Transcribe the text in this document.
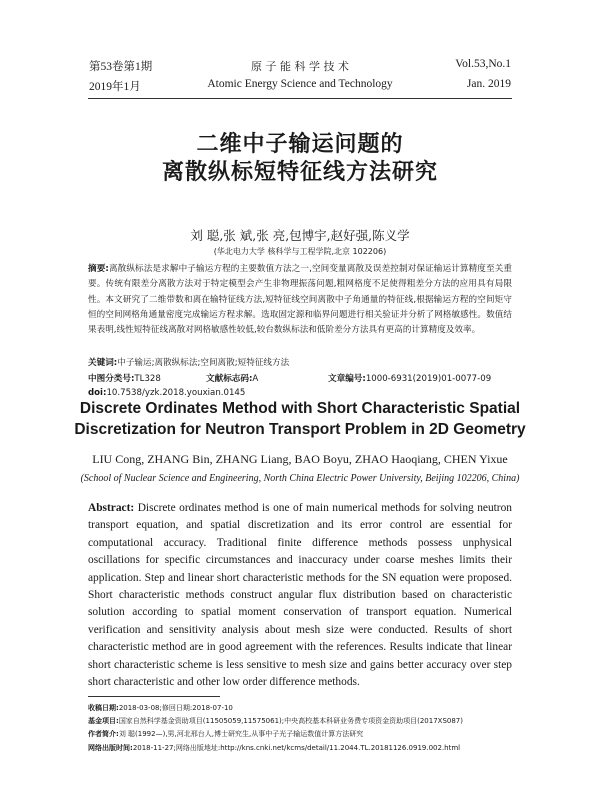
第53卷第1期
2019年1月
原 子 能 科 学 技 术
Atomic Energy Science and Technology
Vol.53,No.1
Jan. 2019
二维中子输运问题的
离散纵标短特征线方法研究
刘 聪,张 斌,张 亮,包博宇,赵好强,陈义学
(华北电力大学 核科学与工程学院,北京 102206)

摘要:离散纵标法是求解中子输运方程的主要数值方法之一,空间变量离散及误差控制对保证输运计算精度至关重要。传统有限差分离散方法对于特定模型会产生非物理振荡问题,粗网格度不足使得粗差分方法的应用具有局限性。本文研究了二维带数和离在输特征线方法,短特征线空间离散中子角通量的特征线,根据输运方程的空间矩守恒的空间网格角通量密度完成输运方程求解。选取固定源和临界问题进行相关验证并分析了网格敏感性。数值结果表明,线性短特征线离散对网格敏感性较低,较台数纵标法和低阶差分方法具有更高的计算精度及效率。

关键词:中子输运;离散纵标法;空间离散;短特征线方法
中图分类号:TL328	文献标志码:A	文章编号:1000-6931(2019)01-0077-09
doi:10.7538/yzk.2018.youxian.0145
Discrete Ordinates Method with Short Characteristic Spatial
Discretization for Neutron Transport Problem in 2D Geometry
LIU Cong, ZHANG Bin, ZHANG Liang, BAO Boyu, ZHAO Haoqiang, CHEN Yixue
(School of Nuclear Science and Engineering, North China Electric Power University, Beijing 102206, China)

Abstract: Discrete ordinates method is one of main numerical methods for solving neutron transport equation, and spatial discretization and its error control are essential for computational accuracy. Traditional finite difference methods possess unphysical oscillations for specific circumstances and inaccuracy under coarse meshes limits their application. Step and linear short characteristic methods for the SN equation were proposed. Short characteristic methods construct angular flux distribution based on characteristic solution according to spatial moment conservation of transport equation. Numerical verification and sensitivity analysis about mesh size were conducted. Results of short characteristic method are in good agreement with the references. Results indicate that linear short characteristic scheme is less sensitive to mesh size and gains better accuracy over step short characteristic and other low order difference methods.

收稿日期:2018-03-08;修回日期:2018-07-10
基金项目:国家自然科学基金资助项目(11505059,11575061);中央高校基本科研业务费专项资金资助项目(2017XS087)
作者简介:刘 聪(1992—),男,河北邢台人,博士研究生,从事中子光子输运数值计算方法研究
网络出版时间:2018-11-27;网络出版地址:http://kns.cnki.net/kcms/detail/11.2044.TL.20181126.0919.002.html
